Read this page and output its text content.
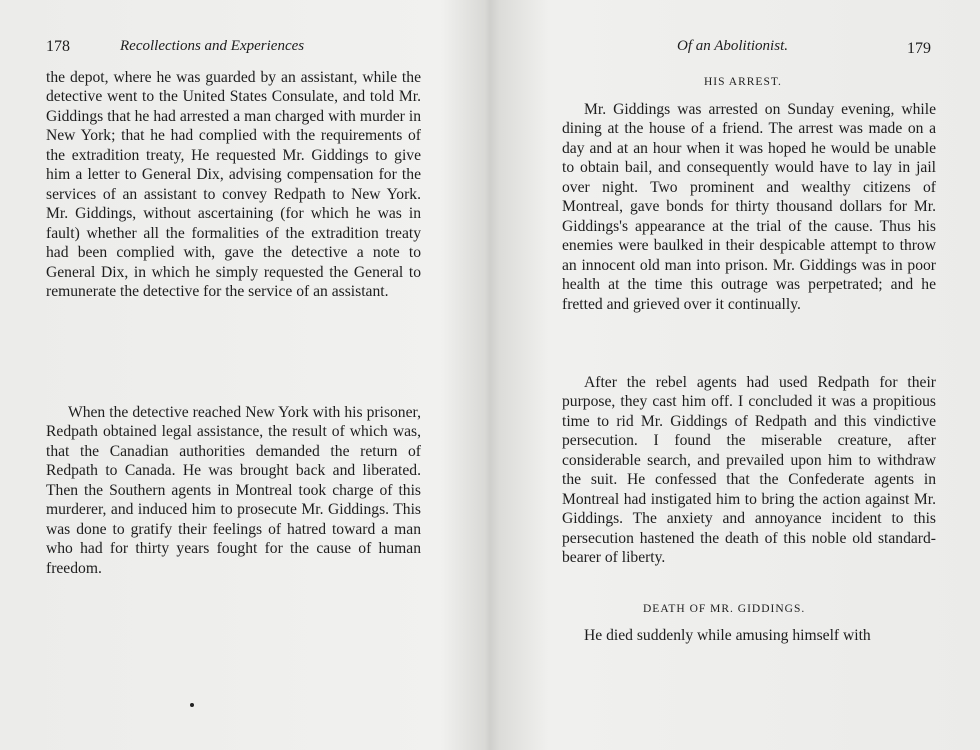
178	Recollections and Experiences

the depot, where he was guarded by an assistant, while the detective went to the United States Consulate, and told Mr. Giddings that he had arrested a man charged with murder in New York; that he had complied with the requirements of the extradition treaty, He requested Mr. Giddings to give him a letter to General Dix, advising compensation for the services of an assistant to convey Redpath to New York. Mr. Giddings, without ascertaining (for which he was in fault) whether all the formalities of the extradition treaty had been complied with, gave the detective a note to General Dix, in which he simply requested the General to remunerate the detective for the service of an assistant.

When the detective reached New York with his prisoner, Redpath obtained legal assistance, the result of which was, that the Canadian authorities demanded the return of Redpath to Canada. He was brought back and liberated. Then the Southern agents in Montreal took charge of this murderer, and induced him to prosecute Mr. Giddings. This was done to gratify their feelings of hatred toward a man who had for thirty years fought for the cause of human freedom.

Of an Abolitionist.	179
HIS ARREST.

Mr. Giddings was arrested on Sunday evening, while dining at the house of a friend. The arrest was made on a day and at an hour when it was hoped he would be unable to obtain bail, and consequently would have to lay in jail over night. Two prominent and wealthy citizens of Montreal, gave bonds for thirty thousand dollars for Mr. Giddings's appearance at the trial of the cause. Thus his enemies were baulked in their despicable attempt to throw an innocent old man into prison. Mr. Giddings was in poor health at the time this outrage was perpetrated; and he fretted and grieved over it continually.

After the rebel agents had used Redpath for their purpose, they cast him off. I concluded it was a propitious time to rid Mr. Giddings of Redpath and this vindictive persecution. I found the miserable creature, after considerable search, and prevailed upon him to withdraw the suit. He confessed that the Confederate agents in Montreal had instigated him to bring the action against Mr. Giddings. The anxiety and annoyance incident to this persecution hastened the death of this noble old standard-bearer of liberty.

DEATH OF MR. GIDDINGS.

He died suddenly while amusing himself with
